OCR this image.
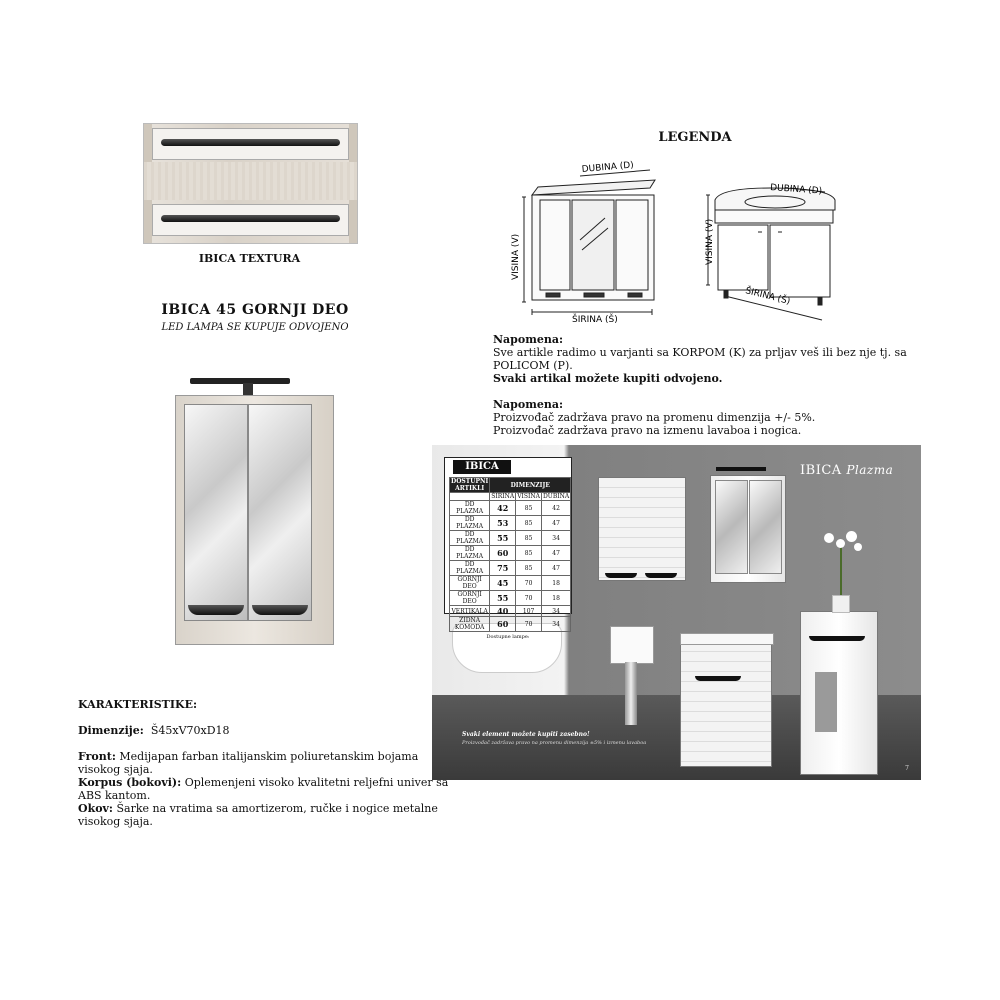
IBICA TEXTURA
IBICA 45 GORNJI DEO
LED LAMPA SE KUPUJE ODVOJENO
LEGENDA
DUBINA (D)
VISINA (V)
ŠIRINA (Š)
DUBINA (D)
VISINA (V)
ŠIRINA (Š)

Napomena:

Sve artikle radimo u varjanti sa KORPOM (K) za prljav veš ili bez nje tj. sa POLICOM (P).

Svaki artikal možete kupiti odvojeno.

Napomena:

Proizvođač zadržava pravo na promenu dimenzija +/- 5%.

Proizvođač zadržava pravo na izmenu lavaboa i nogica.

IBICA
DOSTUPNI ARTIKLI	DIMENZIJE		
	ŠIRINA	VISINA	DUBINA
DD PLAZMA	42	85	42
DD PLAZMA	53	85	47
DD PLAZMA	55	85	34
DD PLAZMA	60	85	47
DD PLAZMA	75	85	47
GORNJI DEO	45	70	18
GORNJI DEO	55	70	18
VERTIKALA	40	107	34
ZIDNA KOMODA	60	70	34
Dostupne lampe:
IBICA Plazma
Svaki element možete kupiti zasebno!
Proizvođač zadržava pravo na promenu dimenzija ±5% i izmenu lavaboa
7

KARAKTERISTIKE:

Dimenzije: Š45xV70xD18

Front: Medijapan farban italijanskim poliuretanskim bojama visokog sjaja.

Korpus (bokovi): Oplemenjeni visoko kvalitetni reljefni univer sa ABS kantom.

Okov: Šarke na vratima sa amortizerom, ručke i nogice metalne visokog sjaja.
